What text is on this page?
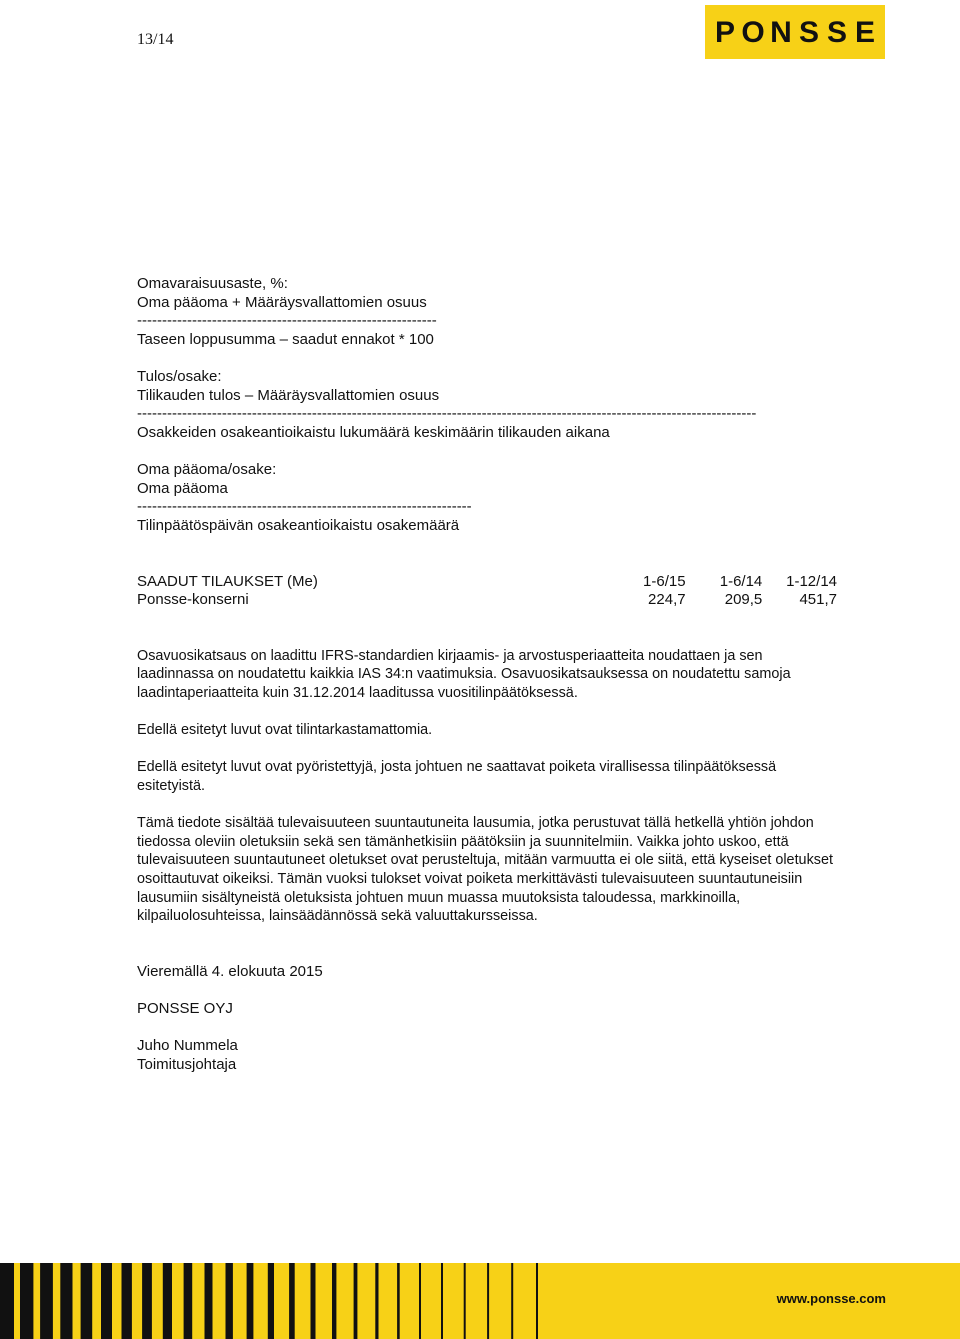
13/14	P O N S S E
Omavaraisuusaste, %:
Oma pääoma + Määräysvallattomien osuus
------------------------------------------------------------
Taseen loppusumma – saadut ennakot * 100
Tulos/osake:
Tilikauden tulos – Määräysvallattomien osuus
----------------------------------------------------------------------------------------------------------------------------
Osakkeiden osakeantioikaistu lukumäärä keskimäärin tilikauden aikana
Oma pääoma/osake:
Oma pääoma
-------------------------------------------------------------------
Tilinpäätöspäivän osakeantioikaistu osakemäärä
SAADUT TILAUKSET (Me)	1-6/15	1-6/14	1-12/14
Ponsse-konserni	224,7	209,5	451,7

Osavuosikatsaus on laadittu IFRS-standardien kirjaamis- ja arvostusperiaatteita noudattaen ja sen laadinnassa on noudatettu kaikkia IAS 34:n vaatimuksia. Osavuosikatsauksessa on noudatettu samoja laadintaperiaatteita kuin 31.12.2014 laaditussa vuositilinpäätöksessä.

Edellä esitetyt luvut ovat tilintarkastamattomia.

Edellä esitetyt luvut ovat pyöristettyjä, josta johtuen ne saattavat poiketa virallisessa tilinpäätöksessä esitetyistä.

Tämä tiedote sisältää tulevaisuuteen suuntautuneita lausumia, jotka perustuvat tällä hetkellä yhtiön johdon tiedossa oleviin oletuksiin sekä sen tämänhetkisiin päätöksiin ja suunnitelmiin. Vaikka johto uskoo, että tulevaisuuteen suuntautuneet oletukset ovat perusteltuja, mitään varmuutta ei ole siitä, että kyseiset oletukset osoittautuvat oikeiksi. Tämän vuoksi tulokset voivat poiketa merkittävästi tulevaisuuteen suuntautuneisiin lausumiin sisältyneistä oletuksista johtuen muun muassa muutoksista taloudessa, markkinoilla, kilpailuolosuhteissa, lainsäädännössä sekä valuuttakursseissa.

Vieremällä 4. elokuuta 2015
PONSSE OYJ
Juho Nummela
Toimitusjohtaja
www.ponsse.com
